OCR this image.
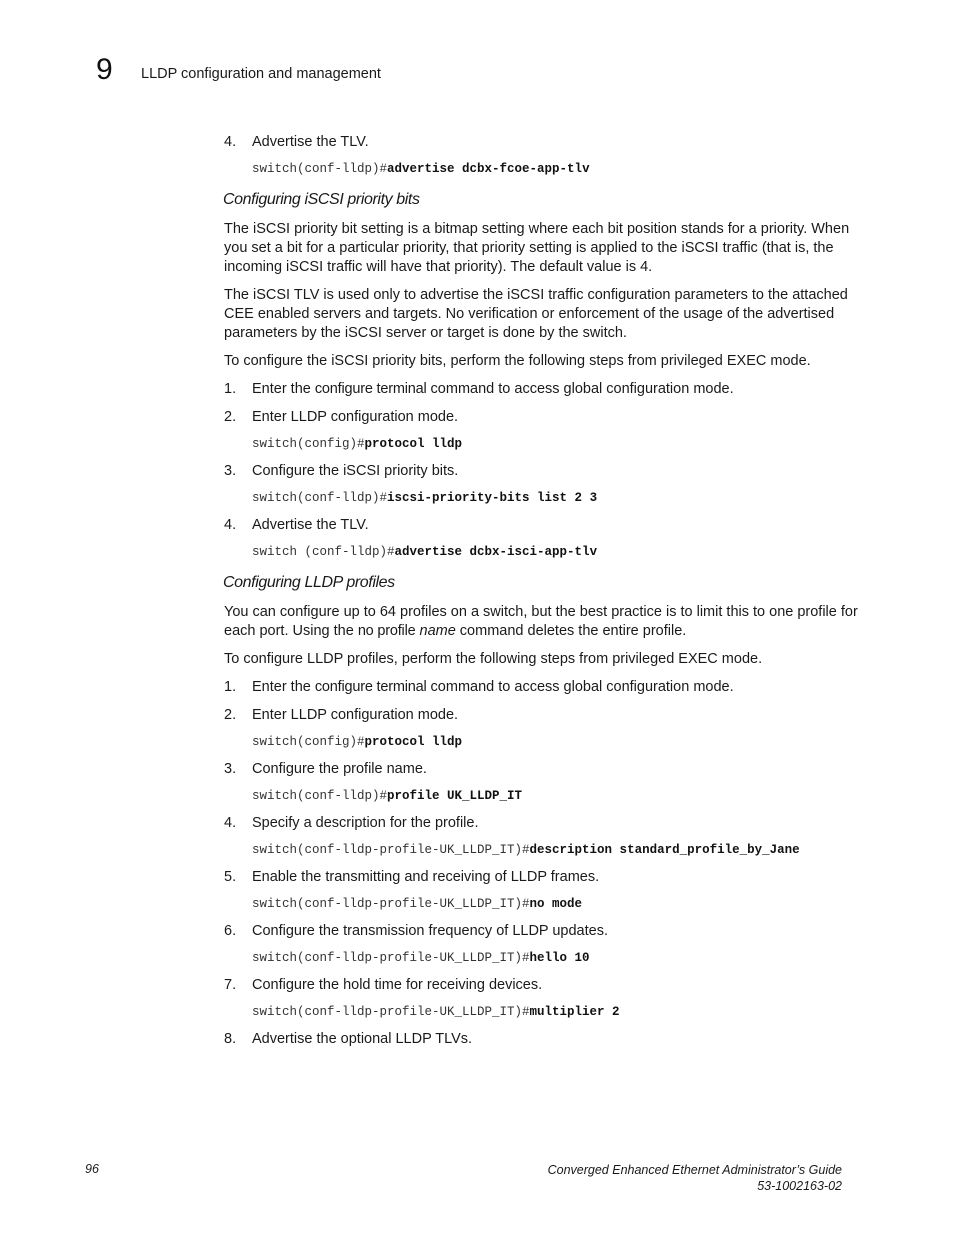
9 LLDP configuration and management
4. Advertise the TLV.
switch(conf-lldp)#advertise dcbx-fcoe-app-tlv
Configuring iSCSI priority bits

The iSCSI priority bit setting is a bitmap setting where each bit position stands for a priority. When you set a bit for a particular priority, that priority setting is applied to the iSCSI traffic (that is, the incoming iSCSI traffic will have that priority). The default value is 4.

The iSCSI TLV is used only to advertise the iSCSI traffic configuration parameters to the attached CEE enabled servers and targets. No verification or enforcement of the usage of the advertised parameters by the iSCSI server or target is done by the switch.

To configure the iSCSI priority bits, perform the following steps from privileged EXEC mode.

1. Enter the configure terminal command to access global configuration mode.
2. Enter LLDP configuration mode.
switch(config)#protocol lldp
3. Configure the iSCSI priority bits.
switch(conf-lldp)#iscsi-priority-bits list 2 3
4. Advertise the TLV.
switch (conf-lldp)#advertise dcbx-isci-app-tlv
Configuring LLDP profiles

You can configure up to 64 profiles on a switch, but the best practice is to limit this to one profile for each port. Using the no profile name command deletes the entire profile.

To configure LLDP profiles, perform the following steps from privileged EXEC mode.

1. Enter the configure terminal command to access global configuration mode.
2. Enter LLDP configuration mode.
switch(config)#protocol lldp
3. Configure the profile name.
switch(conf-lldp)#profile UK_LLDP_IT
4. Specify a description for the profile.
switch(conf-lldp-profile-UK_LLDP_IT)#description standard_profile_by_Jane
5. Enable the transmitting and receiving of LLDP frames.
switch(conf-lldp-profile-UK_LLDP_IT)#no mode
6. Configure the transmission frequency of LLDP updates.
switch(conf-lldp-profile-UK_LLDP_IT)#hello 10
7. Configure the hold time for receiving devices.
switch(conf-lldp-profile-UK_LLDP_IT)#multiplier 2
8. Advertise the optional LLDP TLVs.
96	Converged Enhanced Ethernet Administrator’s Guide
53-1002163-02
